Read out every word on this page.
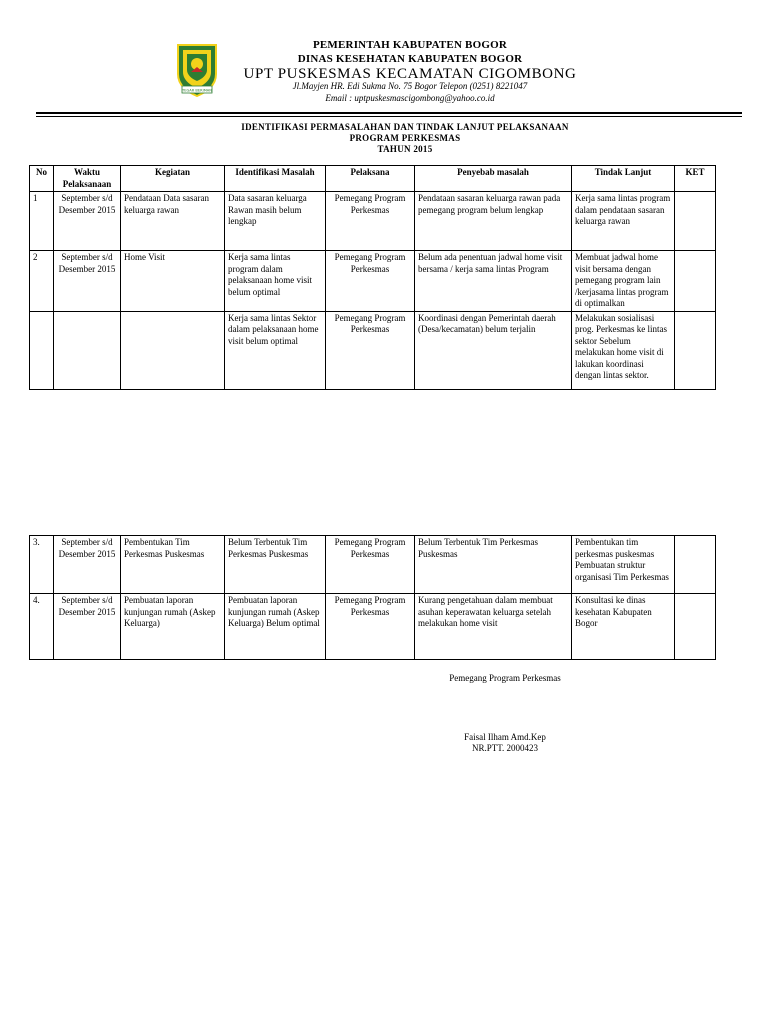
TEGAR BERIMAN
PEMERINTAH KABUPATEN BOGOR
DINAS KESEHATAN KABUPATEN BOGOR
UPT PUSKESMAS KECAMATAN CIGOMBONG
Jl.Mayjen HR. Edi Sukma No. 75 Bogor Telepon (0251) 8221047
Email : uptpuskesmascigombong@yahoo.co.id
IDENTIFIKASI PERMASALAHAN DAN TINDAK LANJUT PELAKSANAAN
PROGRAM PERKESMAS
TAHUN 2015
No	Waktu Pelaksanaan	Kegiatan	Identifikasi Masalah	Pelaksana	Penyebab masalah	Tindak Lanjut	KET
1	September s/d Desember 2015	Pendataan Data sasaran keluarga rawan	Data sasaran keluarga Rawan masih belum lengkap	Pemegang Program Perkesmas	Pendataan sasaran keluarga rawan pada pemegang program belum lengkap	Kerja sama lintas program dalam pendataan sasaran keluarga rawan	
2	September s/d Desember 2015	Home Visit	Kerja sama lintas program dalam pelaksanaan home visit belum optimal	Pemegang Program Perkesmas	Belum ada penentuan jadwal home visit bersama / kerja sama lintas Program	Membuat jadwal home visit bersama dengan pemegang program lain /kerjasama lintas program di optimalkan	
			Kerja sama lintas Sektor dalam pelaksanaan home visit belum optimal	Pemegang Program Perkesmas	Koordinasi dengan Pemerintah daerah (Desa/kecamatan) belum terjalin	Melakukan sosialisasi prog. Perkesmas ke lintas sektor Sebelum melakukan home visit di lakukan koordinasi dengan lintas sektor.	
3.	September s/d Desember 2015	Pembentukan Tim Perkesmas Puskesmas	Belum Terbentuk Tim Perkesmas Puskesmas	Pemegang Program Perkesmas	Belum Terbentuk Tim Perkesmas Puskesmas	Pembentukan tim perkesmas puskesmas Pembuatan struktur organisasi Tim Perkesmas	
4.	September s/d Desember 2015	Pembuatan laporan kunjungan rumah (Askep Keluarga)	Pembuatan laporan kunjungan rumah (Askep Keluarga) Belum optimal	Pemegang Program Perkesmas	Kurang pengetahuan dalam membuat asuhan keperawatan keluarga setelah melakukan home visit	Konsultasi ke dinas kesehatan Kabupaten Bogor	
Pemegang Program Perkesmas
Faisal Ilham Amd.Kep
NR.PTT. 2000423
